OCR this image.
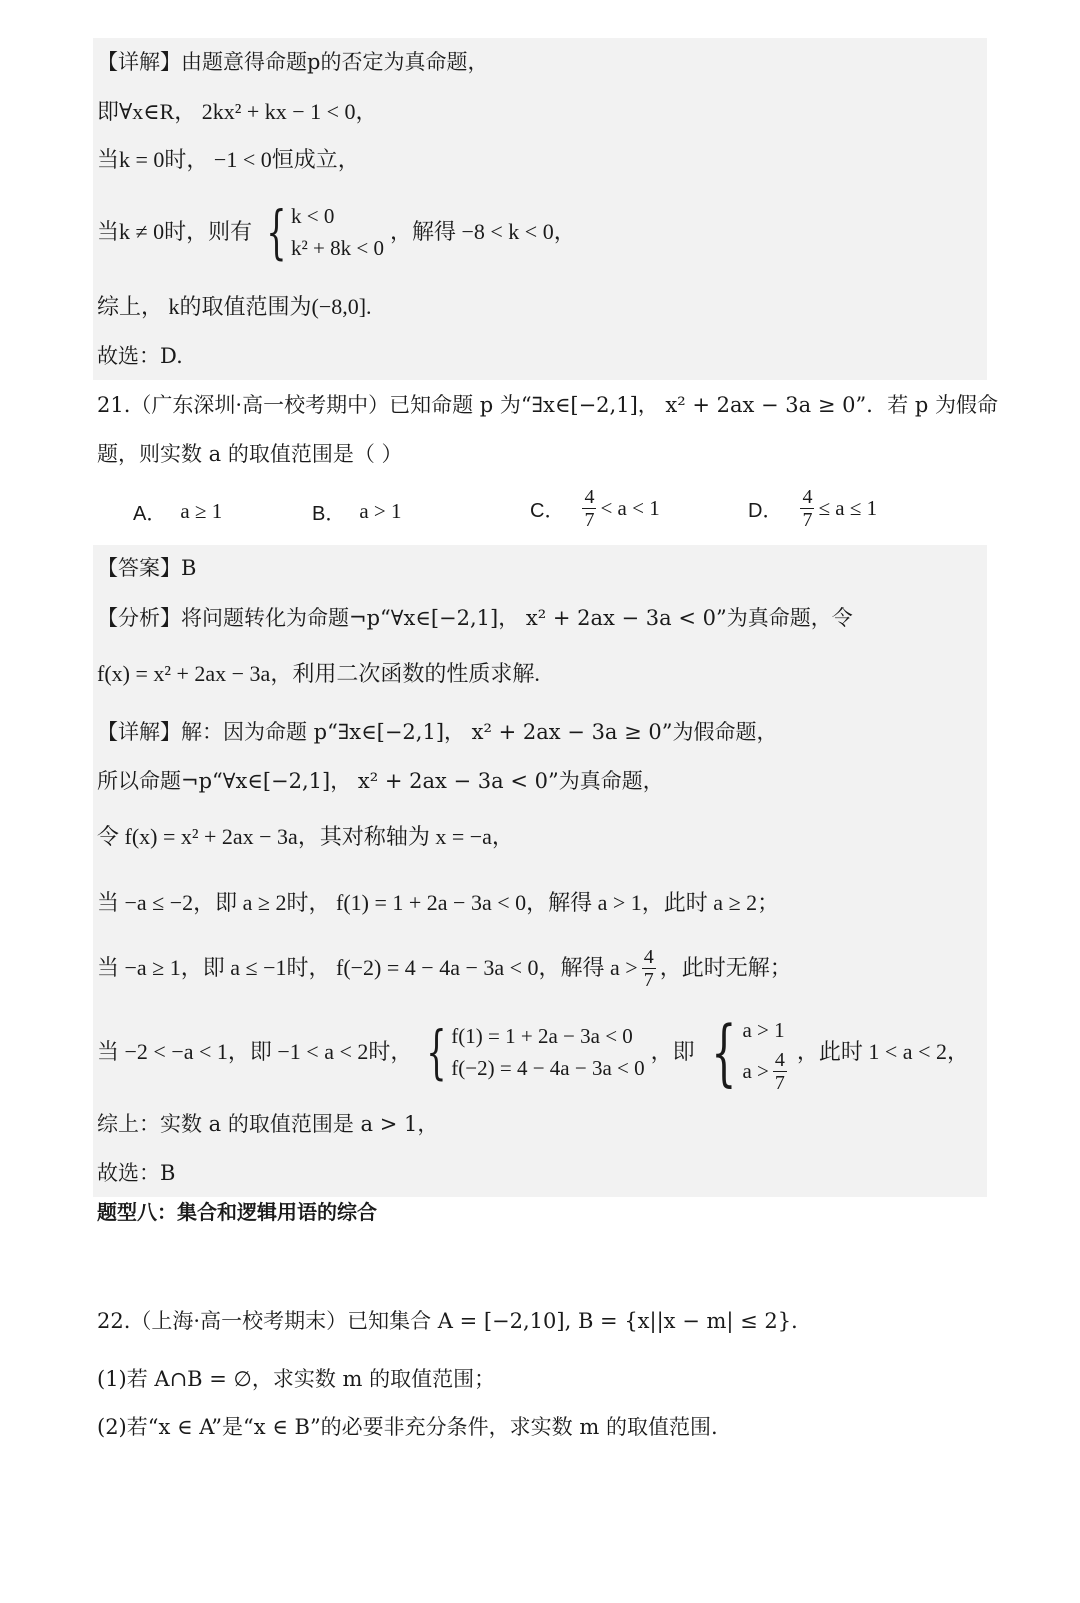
【详解】由题意得命题p的否定为真命题，
即∀x∈R， 2kx² + kx − 1 < 0，
当k = 0时， −1 < 0恒成立，
当k ≠ 0时，则有 { k < 0
k² + 8k < 0
，解得 −8 < k < 0，
综上， k的取值范围为(−8,0].
故选：D.
21.（广东深圳·高一校考期中）已知命题 p 为“∃x∈[−2,1]， x² + 2ax − 3a ≥ 0”．若 p 为假命
题，则实数 a 的取值范围是（ ）
A． a ≥ 1	B． a > 1	C． $\frac{4}{7} < a < 1$	D． $\frac{4}{7} \le a \le 1$
【答案】B
【分析】将问题转化为命题¬p“∀x∈[−2,1]， x² + 2ax − 3a < 0”为真命题，令
f(x) = x² + 2ax − 3a，利用二次函数的性质求解.
【详解】解：因为命题 p“∃x∈[−2,1]， x² + 2ax − 3a ≥ 0”为假命题，
所以命题¬p“∀x∈[−2,1]， x² + 2ax − 3a < 0”为真命题，
令 f(x) = x² + 2ax − 3a，其对称轴为 x = −a，
当 −a ≤ −2，即 a ≥ 2时， f(1) = 1 + 2a − 3a < 0，解得 a > 1，此时 a ≥ 2；
当 −a ≥ 1，即 a ≤ −1时， f(−2) = 4 − 4a − 3a < 0，解得 $a > \frac{4}{7}$ ，此时无解；
当 −2 < −a < 1，即 −1 < a < 2时， { f(1) = 1 + 2a − 3a < 0
f(−2) = 4 − 4a − 3a < 0
，即 { a > 1
$a > \frac{4}{7}$ ，此时 1 < a < 2，
综上：实数 a 的取值范围是 a > 1，
故选：B
题型八：集合和逻辑用语的综合
22.（上海·高一校考期末）已知集合 A = [−2,10], B = {x||x − m| ≤ 2}．
(1)若 A∩B = ∅，求实数 m 的取值范围；
(2)若“x ∈ A”是“x ∈ B”的必要非充分条件，求实数 m 的取值范围.
